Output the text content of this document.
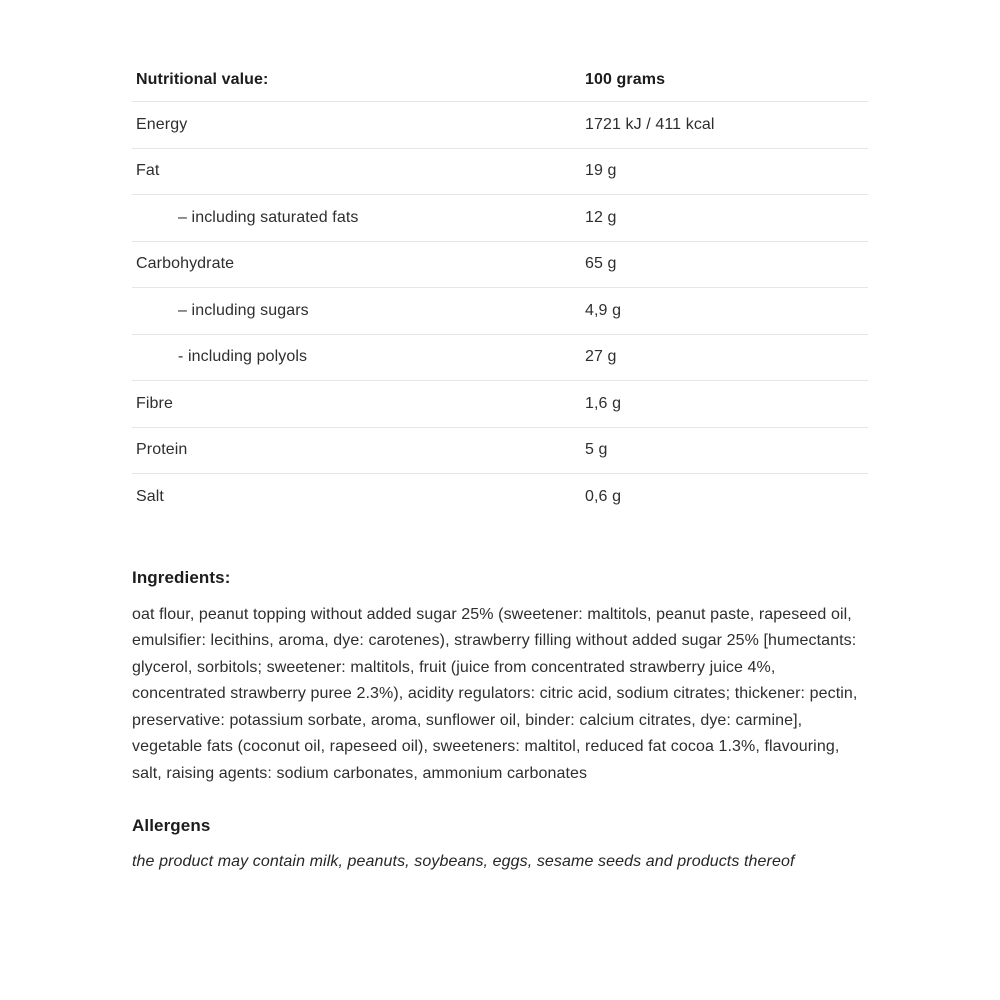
Nutritional value:	100 grams
Energy	1721 kJ / 411 kcal
Fat	19 g
– including saturated fats	12 g
Carbohydrate	65 g
– including sugars	4,9 g
- including polyols	27 g
Fibre	1,6 g
Protein	5 g
Salt	0,6 g
Ingredients:

oat flour, peanut topping without added sugar 25% (sweetener: maltitols, peanut paste, rapeseed oil, emulsifier: lecithins, aroma, dye: carotenes), strawberry filling without added sugar 25% [humectants: glycerol, sorbitols; sweetener: maltitols, fruit (juice from concentrated strawberry juice 4%, concentrated strawberry puree 2.3%), acidity regulators: citric acid, sodium citrates; thickener: pectin, preservative: potassium sorbate, aroma, sunflower oil, binder: calcium citrates, dye: carmine], vegetable fats (coconut oil, rapeseed oil), sweeteners: maltitol, reduced fat cocoa 1.3%, flavouring, salt, raising agents: sodium carbonates, ammonium carbonates

Allergens

the product may contain milk, peanuts, soybeans, eggs, sesame seeds and products thereof
